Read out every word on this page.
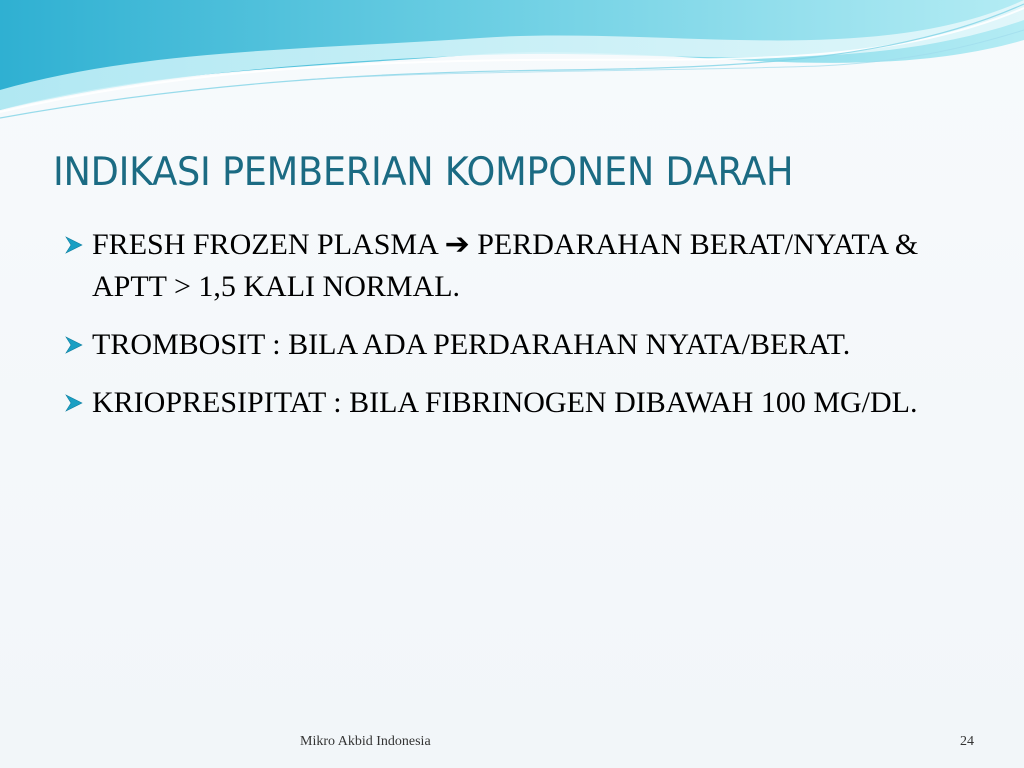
INDIKASI PEMBERIAN KOMPONEN DARAH
FRESH FROZEN PLASMA ➔ PERDARAHAN BERAT/NYATA & APTT > 1,5 KALI NORMAL.
TROMBOSIT : BILA ADA PERDARAHAN NYATA/BERAT.
KRIOPRESIPITAT : BILA FIBRINOGEN DIBAWAH 100 MG/DL.
Mikro Akbid Indonesia	24
